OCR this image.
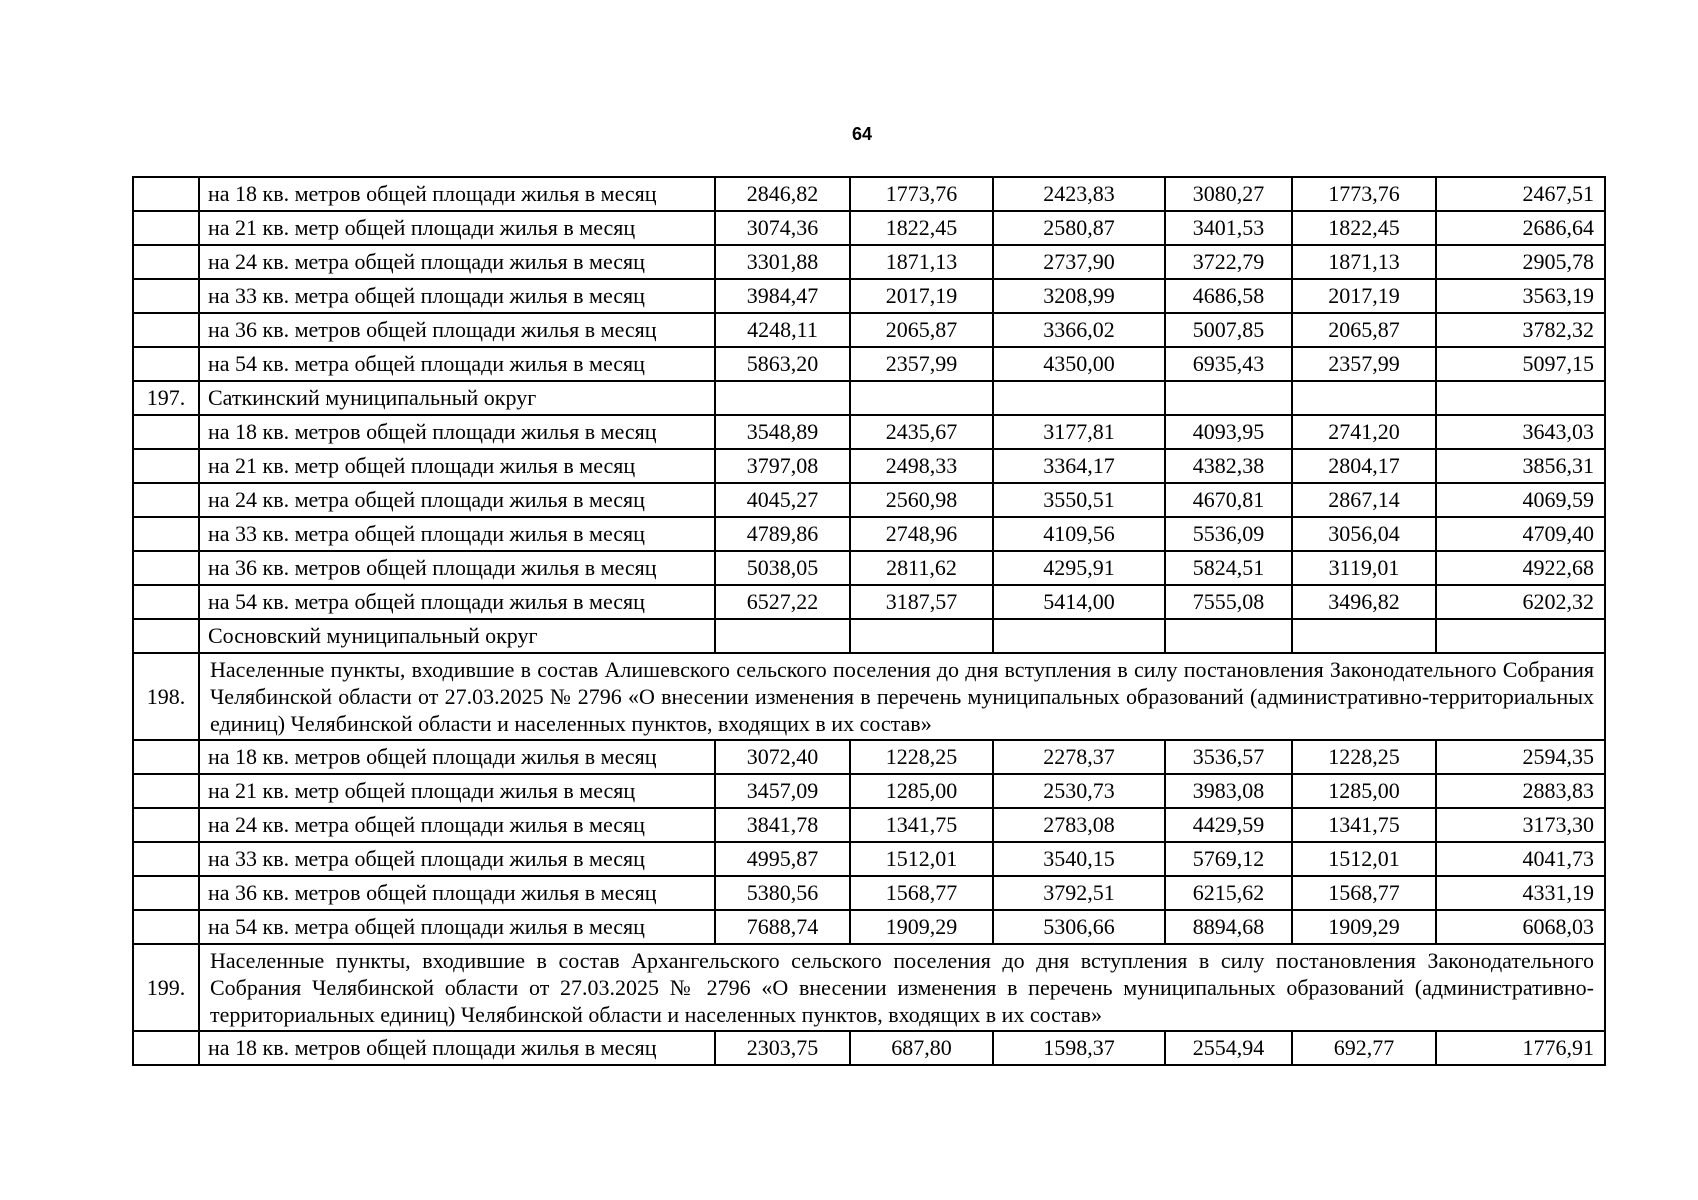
64
	на 18 кв. метров общей площади жилья в месяц	2846,82	1773,76	2423,83	3080,27	1773,76	2467,51
	на 21 кв. метр общей площади жилья в месяц	3074,36	1822,45	2580,87	3401,53	1822,45	2686,64
	на 24 кв. метра общей площади жилья в месяц	3301,88	1871,13	2737,90	3722,79	1871,13	2905,78
	на 33 кв. метра общей площади жилья в месяц	3984,47	2017,19	3208,99	4686,58	2017,19	3563,19
	на 36 кв. метров общей площади жилья в месяц	4248,11	2065,87	3366,02	5007,85	2065,87	3782,32
	на 54 кв. метра общей площади жилья в месяц	5863,20	2357,99	4350,00	6935,43	2357,99	5097,15
197.	Саткинский муниципальный округ						
	на 18 кв. метров общей площади жилья в месяц	3548,89	2435,67	3177,81	4093,95	2741,20	3643,03
	на 21 кв. метр общей площади жилья в месяц	3797,08	2498,33	3364,17	4382,38	2804,17	3856,31
	на 24 кв. метра общей площади жилья в месяц	4045,27	2560,98	3550,51	4670,81	2867,14	4069,59
	на 33 кв. метра общей площади жилья в месяц	4789,86	2748,96	4109,56	5536,09	3056,04	4709,40
	на 36 кв. метров общей площади жилья в месяц	5038,05	2811,62	4295,91	5824,51	3119,01	4922,68
	на 54 кв. метра общей площади жилья в месяц	6527,22	3187,57	5414,00	7555,08	3496,82	6202,32
	Сосновский муниципальный округ						
198.	Населенные пункты, входившие в состав Алишевского сельского поселения до дня вступления в силу постановления Законодательного Собрания Челябинской области от 27.03.2025 № 2796 «О внесении изменения в перечень муниципальных образований (административно-территориальных единиц) Челябинской области и населенных пунктов, входящих в их состав»						
	на 18 кв. метров общей площади жилья в месяц	3072,40	1228,25	2278,37	3536,57	1228,25	2594,35
	на 21 кв. метр общей площади жилья в месяц	3457,09	1285,00	2530,73	3983,08	1285,00	2883,83
	на 24 кв. метра общей площади жилья в месяц	3841,78	1341,75	2783,08	4429,59	1341,75	3173,30
	на 33 кв. метра общей площади жилья в месяц	4995,87	1512,01	3540,15	5769,12	1512,01	4041,73
	на 36 кв. метров общей площади жилья в месяц	5380,56	1568,77	3792,51	6215,62	1568,77	4331,19
	на 54 кв. метра общей площади жилья в месяц	7688,74	1909,29	5306,66	8894,68	1909,29	6068,03
199.	Населенные пункты, входившие в состав Архангельского сельского поселения до дня вступления в силу постановления Законодательного Собрания Челябинской области от 27.03.2025 № 2796 «О внесении изменения в перечень муниципальных образований (административно-территориальных единиц) Челябинской области и населенных пунктов, входящих в их состав»						
	на 18 кв. метров общей площади жилья в месяц	2303,75	687,80	1598,37	2554,94	692,77	1776,91
